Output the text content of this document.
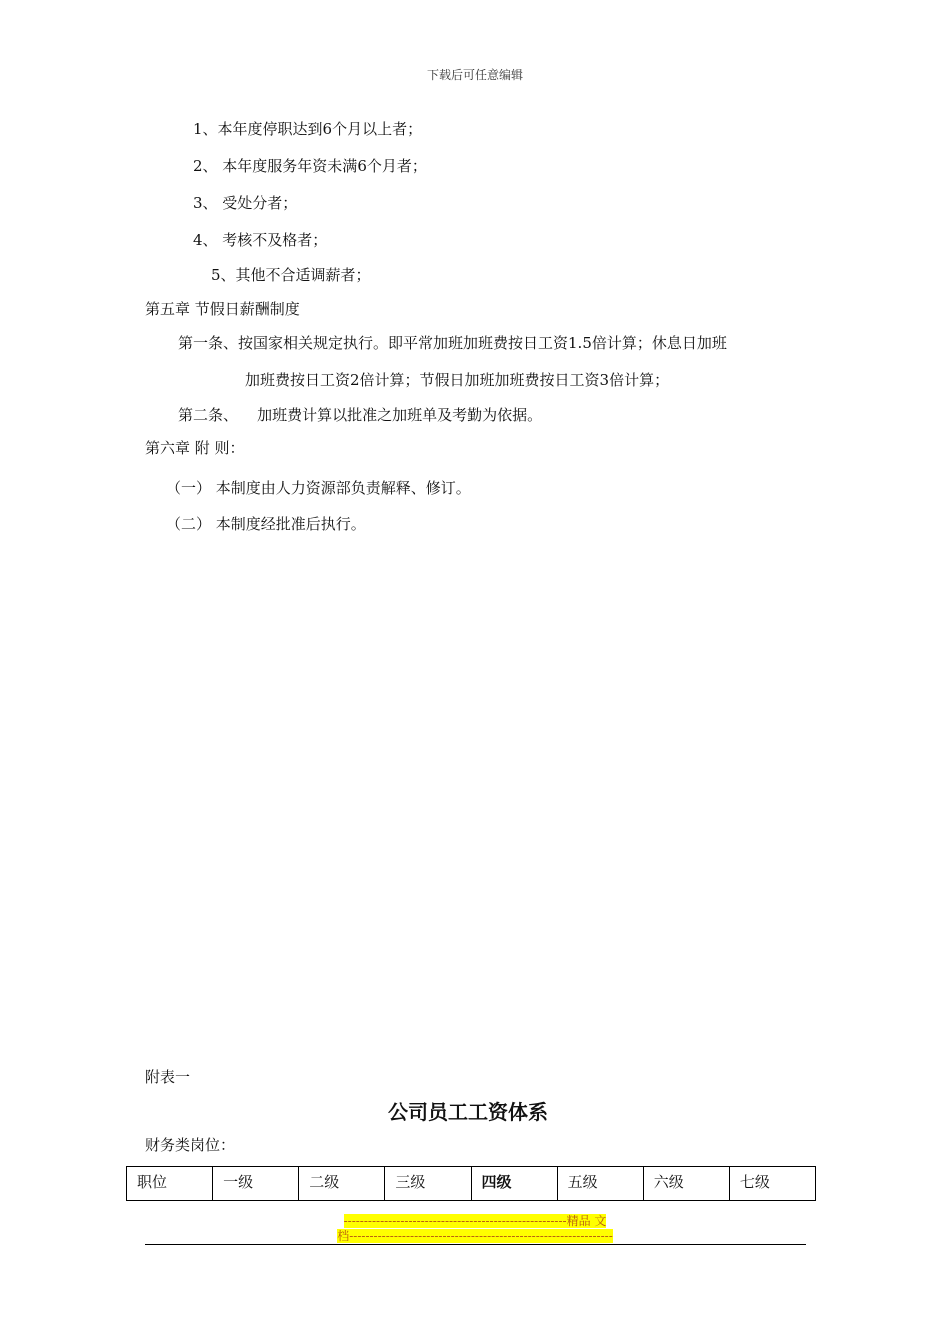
下载后可任意编辑
1、本年度停职达到6个月以上者；
2、 本年度服务年资未满6个月者；
3、 受处分者；
4、 考核不及格者；
5、其他不合适调薪者；
第五章 节假日薪酬制度
第一条、按国家相关规定执行。即平常加班加班费按日工资1.5倍计算；休息日加班
加班费按日工资2倍计算；节假日加班加班费按日工资3倍计算；
第二条、    加班费计算以批准之加班单及考勤为依据。
第六章 附 则：
（一） 本制度由人力资源部负责解释、修订。
（二） 本制度经批准后执行。
附表一
公司员工工资体系
财务类岗位：
职位	一级	二级	三级	四级	五级	六级	七级
-------------------------------------------------------精品 文
档-----------------------------------------------------------------
